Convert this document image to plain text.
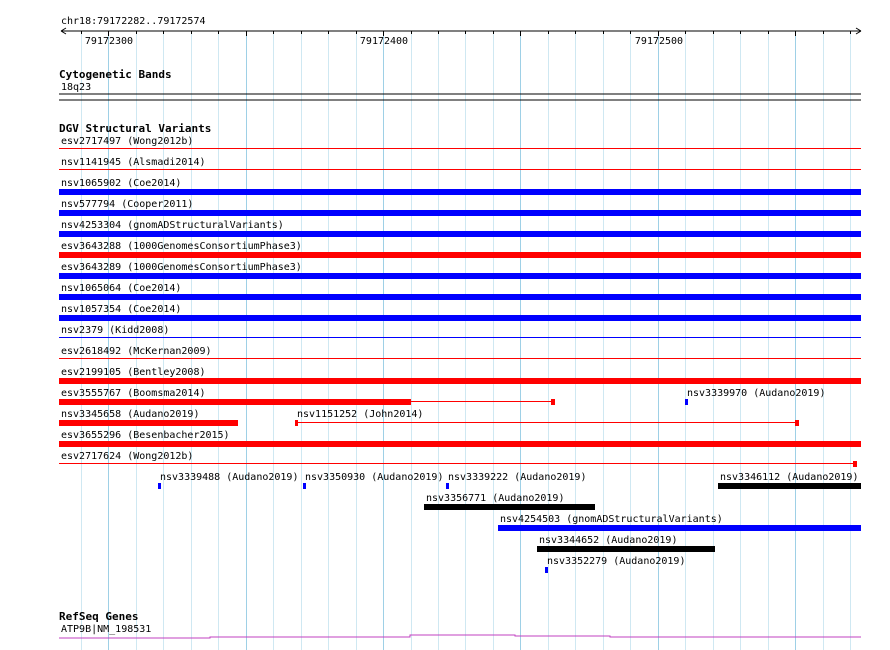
chr18:79172282..79172574
79172300	79172400	79172500
Cytogenetic Bands
18q23
DGV Structural Variants
esv2717497 (Wong2012b)
nsv1141945 (Alsmadi2014)
nsv1065902 (Coe2014)
nsv577794 (Cooper2011)
nsv4253304 (gnomADStructuralVariants)
esv3643288 (1000GenomesConsortiumPhase3)
esv3643289 (1000GenomesConsortiumPhase3)
nsv1065064 (Coe2014)
nsv1057354 (Coe2014)
nsv2379 (Kidd2008)
esv2618492 (McKernan2009)
esv2199105 (Bentley2008)
esv3555767 (Boomsma2014)	nsv3339970 (Audano2019)
nsv3345658 (Audano2019)	nsv1151252 (John2014)
esv3655296 (Besenbacher2015)
esv2717624 (Wong2012b)
nsv3339488 (Audano2019) nsv3350930 (Audano2019) nsv3339222 (Audano2019)	nsv3346112 (Audano2019)
nsv3356771 (Audano2019)
nsv4254503 (gnomADStructuralVariants)
nsv3344652 (Audano2019)
nsv3352279 (Audano2019)
RefSeq Genes
ATP9B|NM_198531
